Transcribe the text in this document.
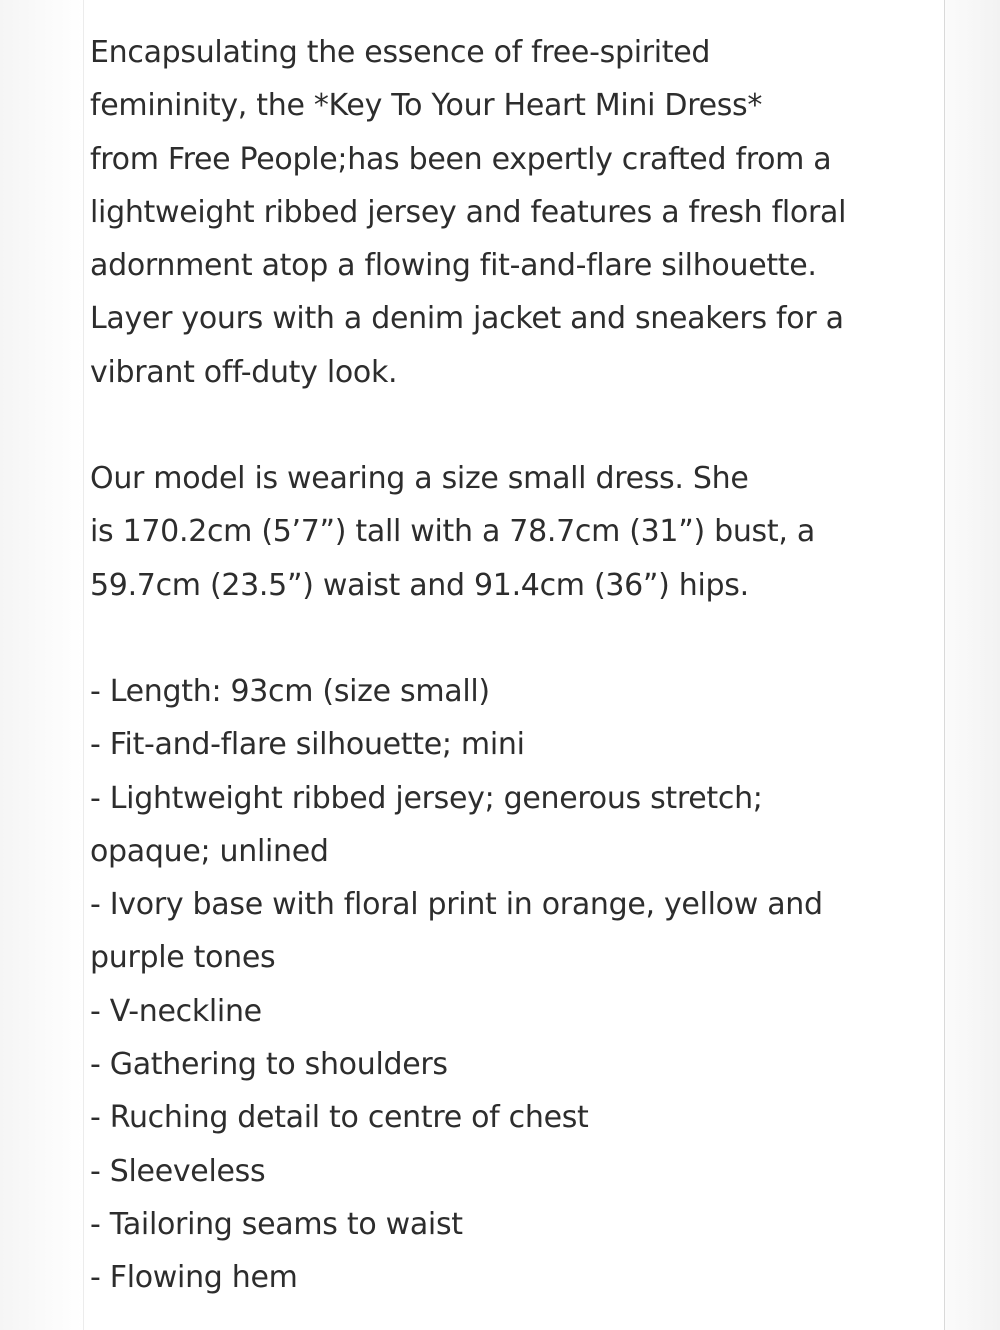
Encapsulating the essence of free-spirited
femininity, the *Key To Your Heart Mini Dress*
from Free People;has been expertly crafted from a
lightweight ribbed jersey and features a fresh floral
adornment atop a flowing fit-and-flare silhouette.
Layer yours with a denim jacket and sneakers for a
vibrant off-duty look.

Our model is wearing a size small dress. She
is 170.2cm (5’7”) tall with a 78.7cm (31”) bust, a
59.7cm (23.5”) waist and 91.4cm (36”) hips.

- Length: 93cm (size small)
- Fit-and-flare silhouette; mini
- Lightweight ribbed jersey; generous stretch;
opaque; unlined
- Ivory base with floral print in orange, yellow and
purple tones
- V-neckline
- Gathering to shoulders
- Ruching detail to centre of chest
- Sleeveless
- Tailoring seams to waist
- Flowing hem
